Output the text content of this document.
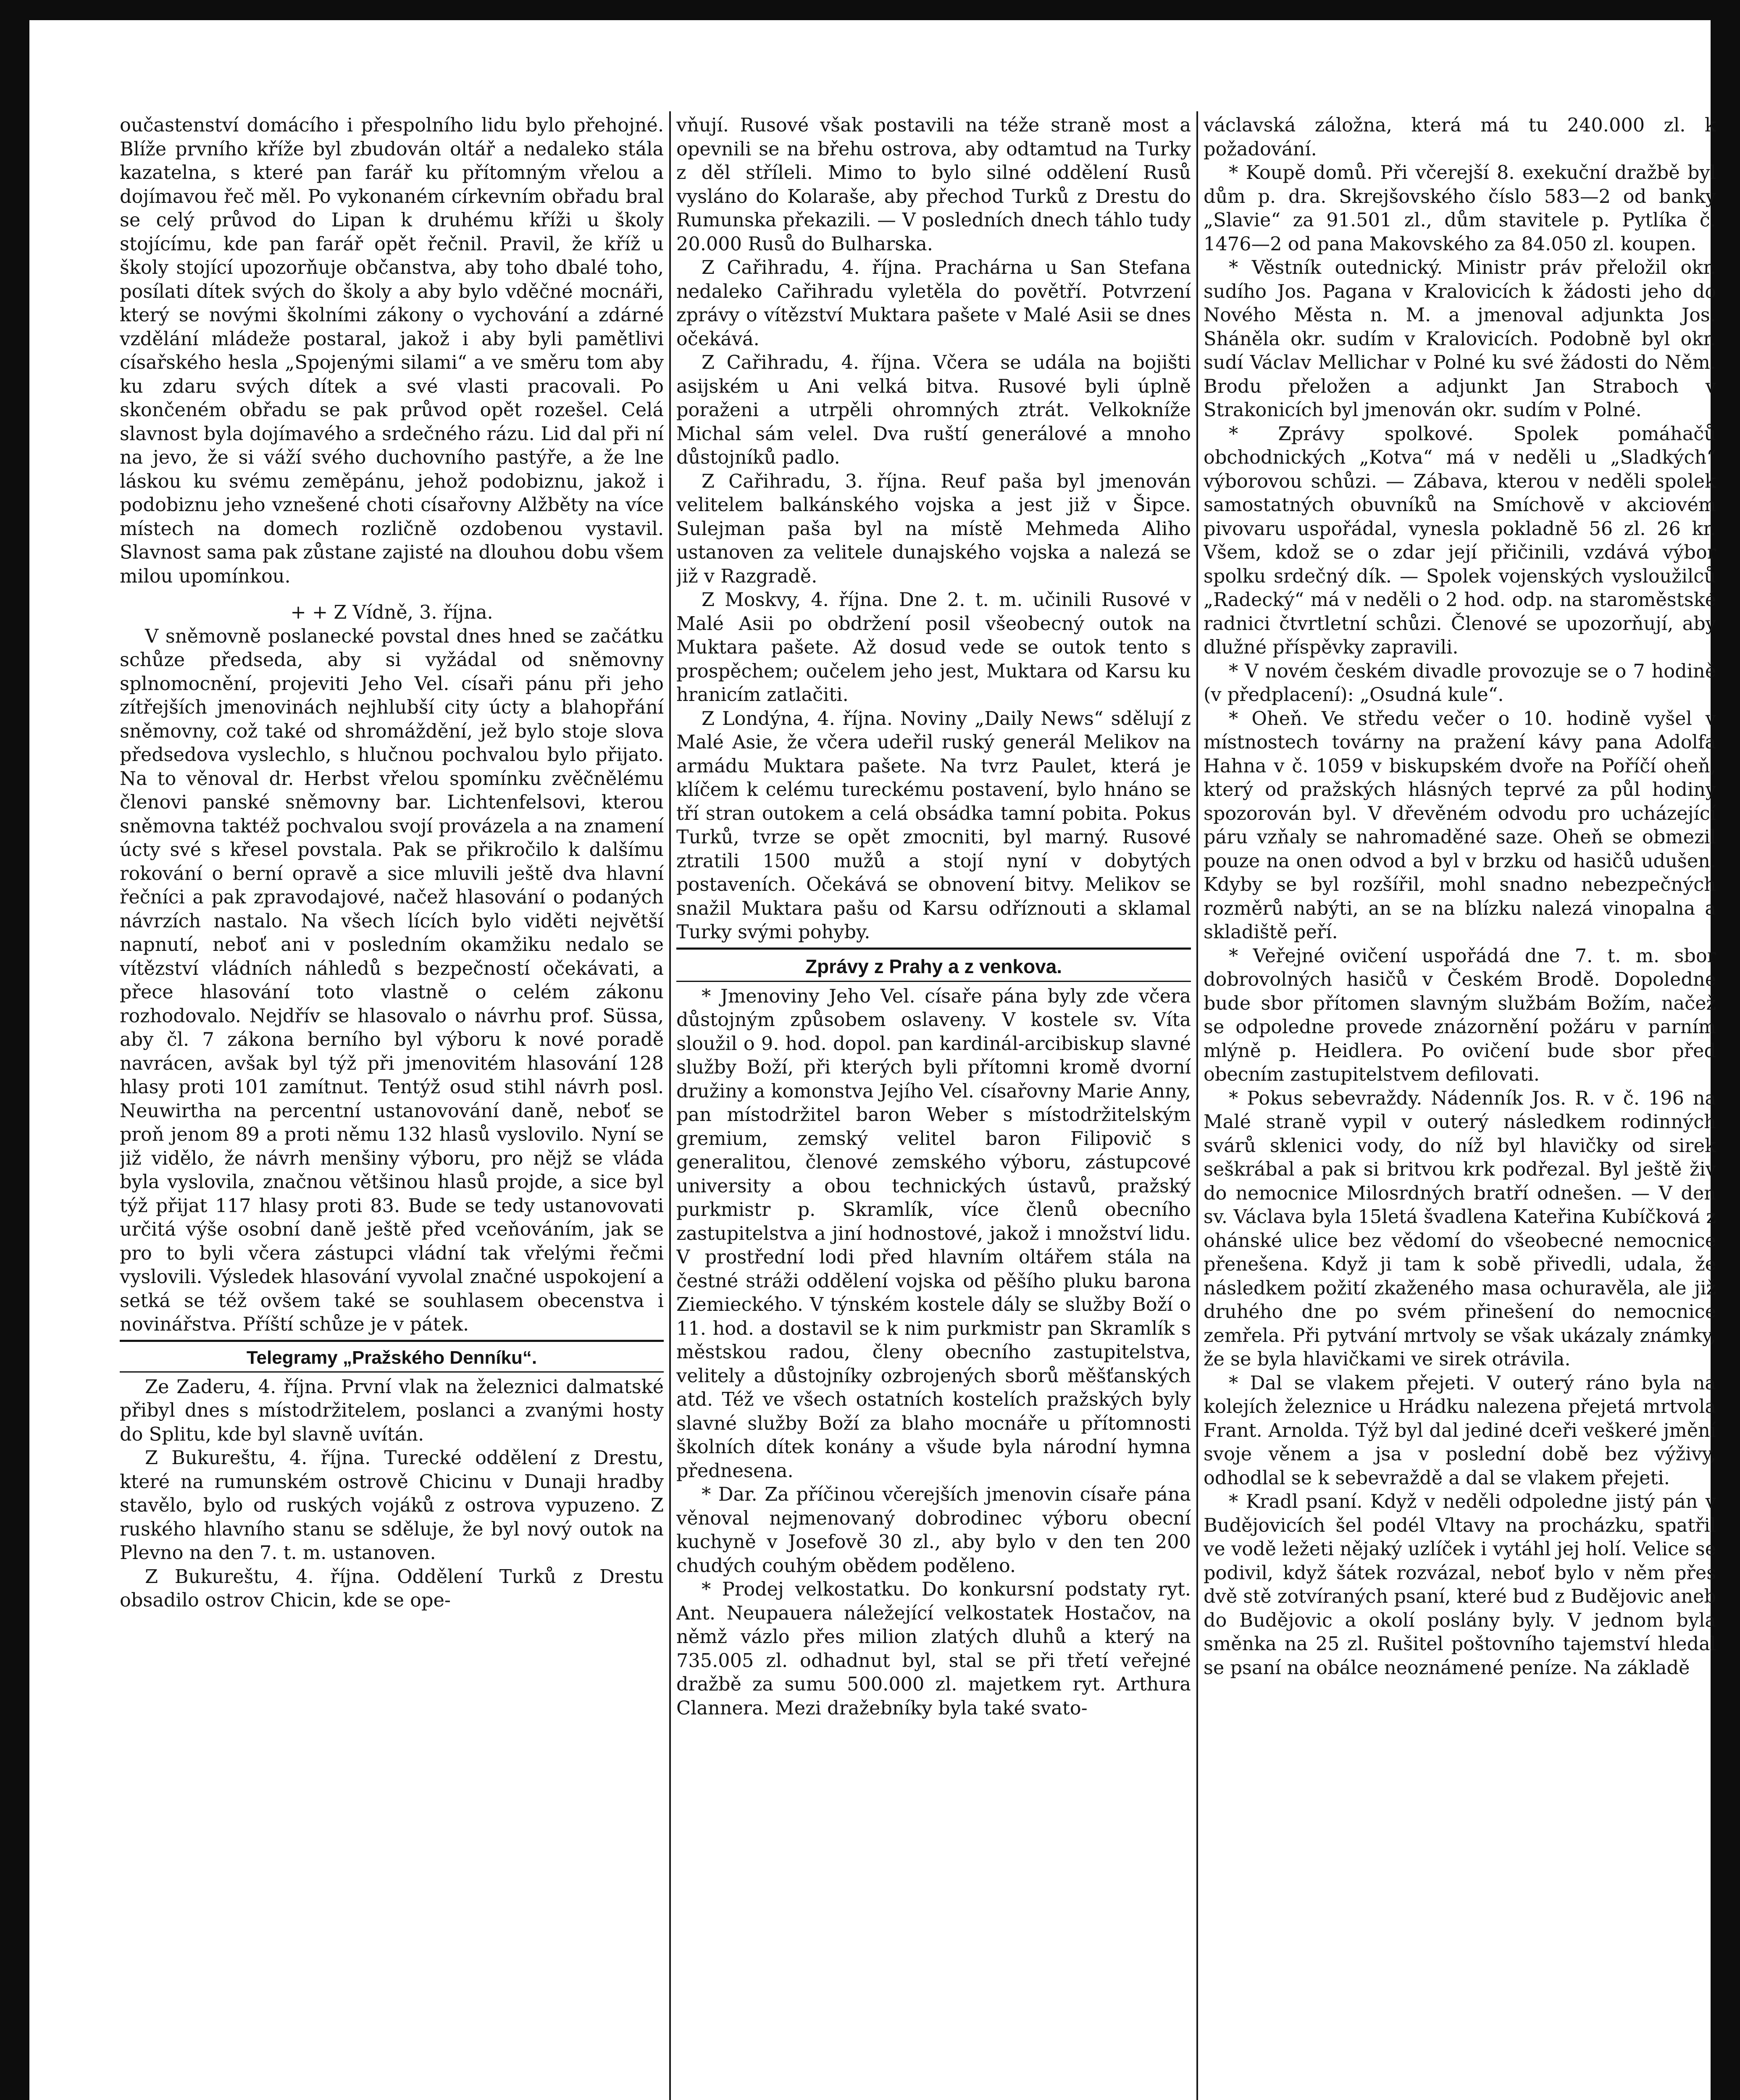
oučastenství domácího i přespolního lidu bylo přehojné. Blíže prvního kříže byl zbudován oltář a nedaleko stála kazatelna, s které pan farář ku přítomným vřelou a dojímavou řeč měl. Po vykonaném církevním obřadu bral se celý průvod do Lipan k druhému kříži u školy stojícímu, kde pan farář opět řečnil. Pravil, že kříž u školy stojící upozorňuje občanstva, aby toho dbalé toho, posílati dítek svých do školy a aby bylo vděčné mocnáři, který se novými školními zákony o vychování a zdárné vzdělání mládeže postaral, jakož i aby byli pamětlivi císařského hesla „Spojenými silami“ a ve směru tom aby ku zdaru svých dítek a své vlasti pracovali. Po skončeném obřadu se pak průvod opět rozešel. Celá slavnost byla dojímavého a srdečného rázu. Lid dal při ní na jevo, že si váží svého duchovního pastýře, a že lne láskou ku svému zeměpánu, jehož podobiznu, jakož i podobiznu jeho vznešené choti císařovny Alžběty na více místech na domech rozličně ozdobenou vystavil. Slavnost sama pak zůstane zajisté na dlouhou dobu všem milou upomínkou.

+ + Z Vídně, 3. října.

V sněmovně poslanecké povstal dnes hned se začátku schůze předseda, aby si vyžádal od sněmovny splnomocnění, projeviti Jeho Vel. císaři pánu při jeho zítřejších jmenovinách nejhlubší city úcty a blahopřání sněmovny, což také od shromáždění, jež bylo stoje slova předsedova vyslechlo, s hlučnou pochvalou bylo přijato. Na to věnoval dr. Herbst vřelou spomínku zvěčnělému členovi panské sněmovny bar. Lichtenfelsovi, kterou sněmovna taktéž pochvalou svojí provázela a na znamení úcty své s křesel povstala. Pak se přikročilo k dalšímu rokování o berní opravě a sice mluvili ještě dva hlavní řečníci a pak zpravodajové, načež hlasování o podaných návrzích nastalo. Na všech lících bylo viděti největší napnutí, neboť ani v posledním okamžiku nedalo se vítězství vládních náhledů s bezpečností očekávati, a přece hlasování toto vlastně o celém zákonu rozhodovalo. Nejdřív se hlasovalo o návrhu prof. Süssa, aby čl. 7 zákona berního byl výboru k nové poradě navrácen, avšak byl týž při jmenovitém hlasování 128 hlasy proti 101 zamítnut. Tentýž osud stihl návrh posl. Neuwirtha na percentní ustanovování daně, neboť se proň jenom 89 a proti němu 132 hlasů vyslovilo. Nyní se již vidělo, že návrh menšiny výboru, pro nějž se vláda byla vyslovila, značnou většinou hlasů projde, a sice byl týž přijat 117 hlasy proti 83. Bude se tedy ustanovovati určitá výše osobní daně ještě před vceňováním, jak se pro to byli včera zástupci vládní tak vřelými řečmi vyslovili. Výsledek hlasování vyvolal značné uspokojení a setká se též ovšem také se souhlasem obecenstva i novinářstva. Příští schůze je v pátek.

Telegramy „Pražského Denníku“.

Ze Zaderu, 4. října. První vlak na železnici dalmatské přibyl dnes s místodržitelem, poslanci a zvanými hosty do Splitu, kde byl slavně uvítán.

Z Bukureštu, 4. října. Turecké oddělení z Drestu, které na rumunském ostrově Chicinu v Dunaji hradby stavělo, bylo od ruských vojáků z ostrova vypuzeno. Z ruského hlavního stanu se sděluje, že byl nový outok na Plevno na den 7. t. m. ustanoven.

Z Bukureštu, 4. října. Oddělení Turků z Drestu obsadilo ostrov Chicin, kde se ope-

vňují. Rusové však postavili na téže straně most a opevnili se na břehu ostrova, aby odtamtud na Turky z děl stříleli. Mimo to bylo silné oddělení Rusů vysláno do Kolaraše, aby přechod Turků z Drestu do Rumunska překazili. — V posledních dnech táhlo tudy 20.000 Rusů do Bulharska.

Z Cařihradu, 4. října. Prachárna u San Stefana nedaleko Cařihradu vyletěla do povětří. Potvrzení zprávy o vítězství Muktara pašete v Malé Asii se dnes očekává.

Z Cařihradu, 4. října. Včera se udála na bojišti asijském u Ani velká bitva. Rusové byli úplně poraženi a utrpěli ohromných ztrát. Velkokníže Michal sám velel. Dva ruští generálové a mnoho důstojníků padlo.

Z Cařihradu, 3. října. Reuf paša byl jmenován velitelem balkánského vojska a jest již v Šipce. Sulejman paša byl na místě Mehmeda Aliho ustanoven za velitele dunajského vojska a nalezá se již v Razgradě.

Z Moskvy, 4. října. Dne 2. t. m. učinili Rusové v Malé Asii po obdržení posil všeobecný outok na Muktara pašete. Až dosud vede se outok tento s prospěchem; oučelem jeho jest, Muktara od Karsu ku hranicím zatlačiti.

Z Londýna, 4. října. Noviny „Daily News“ sdělují z Malé Asie, že včera udeřil ruský generál Melikov na armádu Muktara pašete. Na tvrz Paulet, která je klíčem k celému tureckému postavení, bylo hnáno se tří stran outokem a celá obsádka tamní pobita. Pokus Turků, tvrze se opět zmocniti, byl marný. Rusové ztratili 1500 mužů a stojí nyní v dobytých postaveních. Očekává se obnovení bitvy. Melikov se snažil Muktara pašu od Karsu odříznouti a sklamal Turky svými pohyby.

Zprávy z Prahy a z venkova.

* Jmenoviny Jeho Vel. císaře pána byly zde včera důstojným způsobem oslaveny. V kostele sv. Víta sloužil o 9. hod. dopol. pan kardinál-arcibiskup slavné služby Boží, při kterých byli přítomni kromě dvorní družiny a komonstva Jejího Vel. císařovny Marie Anny, pan místodržitel baron Weber s místodržitelským gremium, zemský velitel baron Filipovič s generalitou, členové zemského výboru, zástupcové university a obou technických ústavů, pražský purkmistr p. Skramlík, více členů obecního zastupitelstva a jiní hodnostové, jakož i množství lidu. V prostřední lodi před hlavním oltářem stála na čestné stráži oddělení vojska od pěšího pluku barona Ziemieckého. V týnském kostele dály se služby Boží o 11. hod. a dostavil se k nim purkmistr pan Skramlík s městskou radou, členy obecního zastupitelstva, velitely a důstojníky ozbrojených sborů měšťanských atd. Též ve všech ostatních kostelích pražských byly slavné služby Boží za blaho mocnáře u přítomnosti školních dítek konány a všude byla národní hymna přednesena.

* Dar. Za příčinou včerejších jmenovin císaře pána věnoval nejmenovaný dobrodinec výboru obecní kuchyně v Josefově 30 zl., aby bylo v den ten 200 chudých couhým obědem poděleno.

* Prodej velkostatku. Do konkursní podstaty ryt. Ant. Neupauera náležející velkostatek Hostačov, na němž vázlo přes milion zlatých dluhů a který na 735.005 zl. odhadnut byl, stal se při třetí veřejné dražbě za sumu 500.000 zl. majetkem ryt. Arthura Clannera. Mezi dražebníky byla také svato-

václavská záložna, která má tu 240.000 zl. k požadování.

* Koupě domů. Při včerejší 8. exekuční dražbě byl dům p. dra. Skrejšovského číslo 583—2 od banky „Slavie“ za 91.501 zl., dům stavitele p. Pytlíka č. 1476—2 od pana Makovského za 84.050 zl. koupen.

* Věstník outednický. Ministr práv přeložil okr. sudího Jos. Pagana v Kralovicích k žádosti jeho do Nového Města n. M. a jmenoval adjunkta Jos. Sháněla okr. sudím v Kralovicích. Podobně byl okr. sudí Václav Mellichar v Polné ku své žádosti do Něm. Brodu přeložen a adjunkt Jan Straboch v Strakonicích byl jmenován okr. sudím v Polné.

* Zprávy spolkové. Spolek pomáhačů obchodnických „Kotva“ má v neděli u „Sladkých“ výborovou schůzi. — Zábava, kterou v neděli spolek samostatných obuvníků na Smíchově v akciovém pivovaru uspořádal, vynesla pokladně 56 zl. 26 kr. Všem, kdož se o zdar její přičinili, vzdává výbor spolku srdečný dík. — Spolek vojenských vysloužilců „Radecký“ má v neděli o 2 hod. odp. na staroměstské radnici čtvrtletní schůzi. Členové se upozorňují, aby dlužné příspěvky zapravili.

* V novém českém divadle provozuje se o 7 hodině (v předplacení): „Osudná kule“.

* Oheň. Ve středu večer o 10. hodině vyšel v místnostech továrny na pražení kávy pana Adolfa Hahna v č. 1059 v biskupském dvoře na Poříčí oheň, který od pražských hlásných teprvé za půl hodiny spozorován byl. V dřevěném odvodu pro ucházející páru vzňaly se nahromaděné saze. Oheň se obmezil pouze na onen odvod a byl v brzku od hasičů udušen. Kdyby se byl rozšířil, mohl snadno nebezpečných rozměrů nabýti, an se na blízku nalezá vinopalna a skladiště peří.

* Veřejné ovičení uspořádá dne 7. t. m. sbor dobrovolných hasičů v Českém Brodě. Dopoledne bude sbor přítomen slavným službám Božím, načež se odpoledne provede znázornění požáru v parním mlýně p. Heidlera. Po ovičení bude sbor před obecním zastupitelstvem defilovati.

* Pokus sebevraždy. Nádenník Jos. R. v č. 196 na Malé straně vypil v outerý následkem rodinných svárů sklenici vody, do níž byl hlavičky od sirek seškrábal a pak si britvou krk podřezal. Byl ještě živ do nemocnice Milosrdných bratří odnešen. — V den sv. Václava byla 15letá švadlena Kateřina Kubíčková z ohánské ulice bez vědomí do všeobecné nemocnice přenešena. Když ji tam k sobě přivedli, udala, že následkem požití zkaženého masa ochuravěla, ale již druhého dne po svém přinešení do nemocnice zemřela. Při pytvání mrtvoly se však ukázaly známky, že se byla hlavičkami ve sirek otrávila.

* Dal se vlakem přejeti. V outerý ráno byla na kolejích železnice u Hrádku nalezena přejetá mrtvola Frant. Arnolda. Týž byl dal jediné dceři veškeré jmění svoje věnem a jsa v poslední době bez výživy, odhodlal se k sebevraždě a dal se vlakem přejeti.

* Kradl psaní. Když v neděli odpoledne jistý pán v Budějovicích šel podél Vltavy na procházku, spatřil ve vodě ležeti nějaký uzlíček i vytáhl jej holí. Velice se podivil, když šátek rozvázal, neboť bylo v něm přes dvě stě zotvíraných psaní, které bud z Budějovic aneb do Budějovic a okolí poslány byly. V jednom byla směnka na 25 zl. Rušitel poštovního tajemství hledal se psaní na obálce neoznámené peníze. Na základě
